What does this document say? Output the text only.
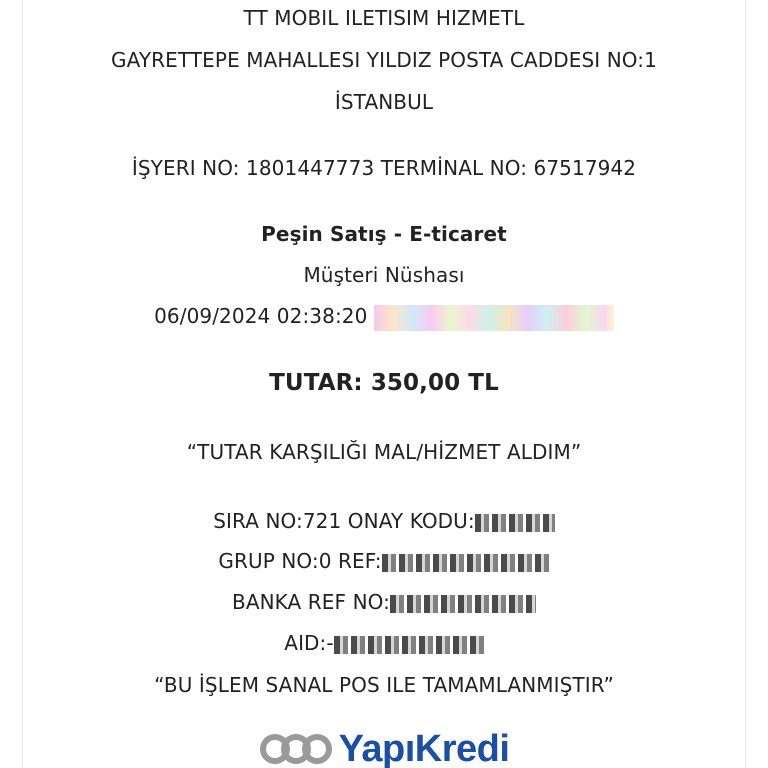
TT MOBIL ILETISIM HIZMETL
GAYRETTEPE MAHALLESI YILDIZ POSTA CADDESI NO:1
İSTANBUL
İŞYERI NO: 1801447773 TERMİNAL NO: 67517942
Peşin Satış - E-ticaret
Müşteri Nüshası
06/09/2024 02:38:20
TUTAR: 350,00 TL
“TUTAR KARŞILIĞI MAL/HİZMET ALDIM”
SIRA NO:721 ONAY KODU:
GRUP NO:0 REF:
BANKA REF NO:
AID:-
“BU İŞLEM SANAL POS ILE TAMAMLANMIŞTIR”
YapıKredi
